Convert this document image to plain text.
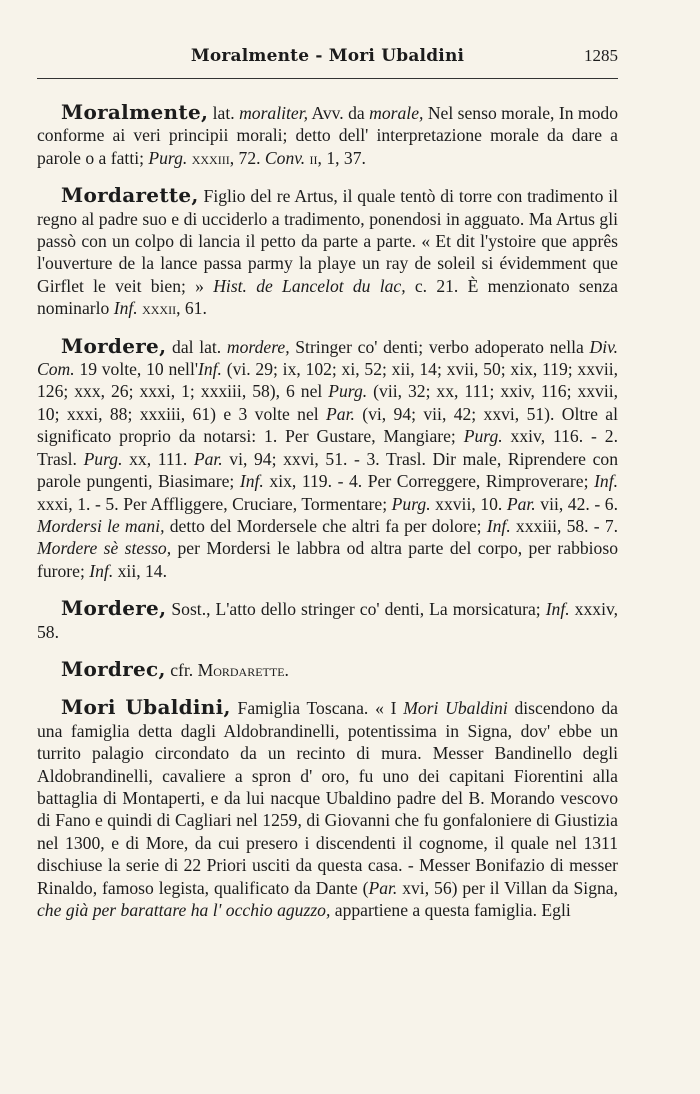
Moralmente - Mori Ubaldini	1285

Moralmente, lat. moraliter, Avv. da morale, Nel senso morale, In modo conforme ai veri principii morali; detto dell' interpretazione morale da dare a parole o a fatti; Purg. xxxiii, 72. Conv. ii, 1, 37.

Mordarette, Figlio del re Artus, il quale tentò di torre con tradimento il regno al padre suo e di ucciderlo a tradimento, ponendosi in agguato. Ma Artus gli passò con un colpo di lancia il petto da parte a parte. « Et dit l'ystoire que apprês l'ouverture de la lance passa parmy la playe un ray de soleil si évidemment que Girflet le veit bien; » Hist. de Lancelot du lac, c. 21. È menzionato senza nominarlo Inf. xxxii, 61.

Mordere, dal lat. mordere, Stringer co' denti; verbo adoperato nella Div. Com. 19 volte, 10 nell'Inf. (vi. 29; ix, 102; xi, 52; xii, 14; xvii, 50; xix, 119; xxvii, 126; xxx, 26; xxxi, 1; xxxiii, 58), 6 nel Purg. (vii, 32; xx, 111; xxiv, 116; xxvii, 10; xxxi, 88; xxxiii, 61) e 3 volte nel Par. (vi, 94; vii, 42; xxvi, 51). Oltre al significato proprio da notarsi: 1. Per Gustare, Mangiare; Purg. xxiv, 116. - 2. Trasl. Purg. xx, 111. Par. vi, 94; xxvi, 51. - 3. Trasl. Dir male, Riprendere con parole pungenti, Biasimare; Inf. xix, 119. - 4. Per Correggere, Rimproverare; Inf. xxxi, 1. - 5. Per Affliggere, Cruciare, Tormentare; Purg. xxvii, 10. Par. vii, 42. - 6. Mordersi le mani, detto del Mordersele che altri fa per dolore; Inf. xxxiii, 58. - 7. Mordere sè stesso, per Mordersi le labbra od altra parte del corpo, per rabbioso furore; Inf. xii, 14.

Mordere, Sost., L'atto dello stringer co' denti, La morsicatura; Inf. xxxiv, 58.

Mordrec, cfr. Mordarette.

Mori Ubaldini, Famiglia Toscana. « I Mori Ubaldini discendono da una famiglia detta dagli Aldobrandinelli, potentissima in Signa, dov' ebbe un turrito palagio circondato da un recinto di mura. Messer Bandinello degli Aldobrandinelli, cavaliere a spron d' oro, fu uno dei capitani Fiorentini alla battaglia di Montaperti, e da lui nacque Ubaldino padre del B. Morando vescovo di Fano e quindi di Cagliari nel 1259, di Giovanni che fu gonfaloniere di Giustizia nel 1300, e di More, da cui presero i discendenti il cognome, il quale nel 1311 dischiuse la serie di 22 Priori usciti da questa casa. - Messer Bonifazio di messer Rinaldo, famoso legista, qualificato da Dante (Par. xvi, 56) per il Villan da Signa, che già per barattare ha l' occhio aguzzo, appartiene a questa famiglia. Egli
